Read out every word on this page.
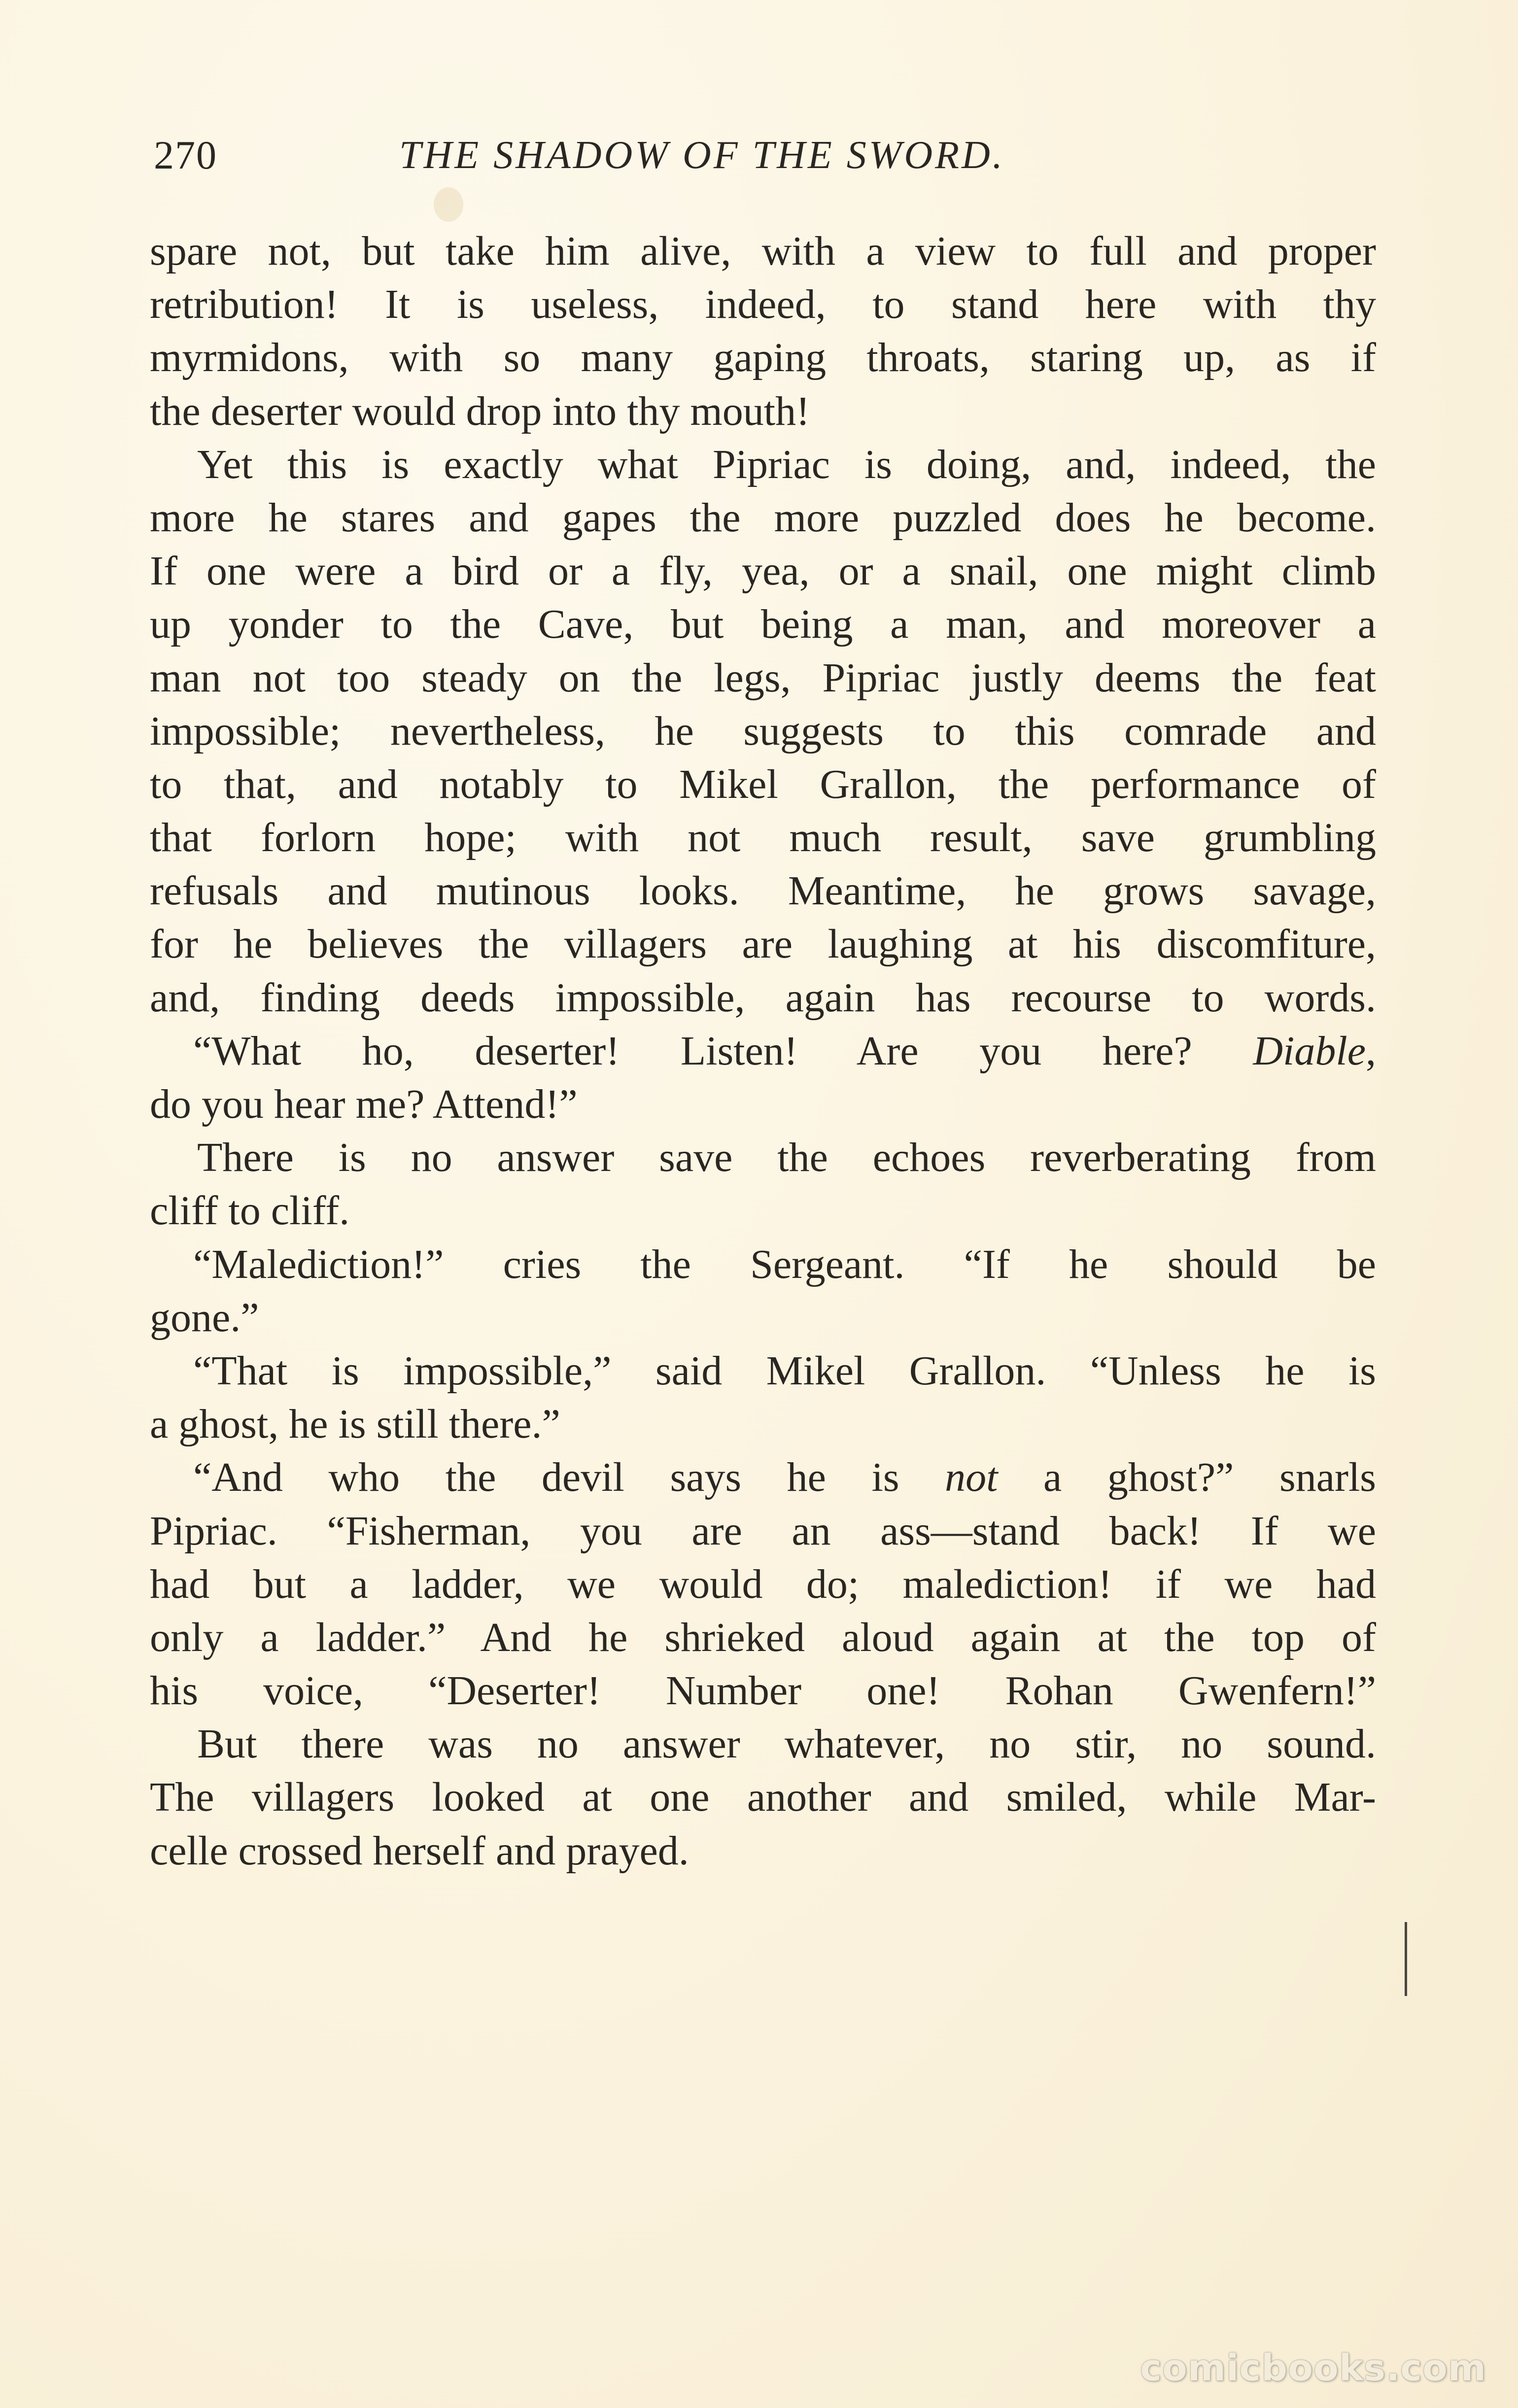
270	THE SHADOW OF THE SWORD.
spare not, but take him alive, with a view to full and proper
retribution! It is useless, indeed, to stand here with thy
myrmidons, with so many gaping throats, staring up, as if
the deserter would drop into thy mouth!
Yet this is exactly what Pipriac is doing, and, indeed, the
more he stares and gapes the more puzzled does he become.
If one were a bird or a fly, yea, or a snail, one might climb
up yonder to the Cave, but being a man, and moreover a
man not too steady on the legs, Pipriac justly deems the feat
impossible; nevertheless, he suggests to this comrade and
to that, and notably to Mikel Grallon, the performance of
that forlorn hope; with not much result, save grumbling
refusals and mutinous looks. Meantime, he grows savage,
for he believes the villagers are laughing at his discomfiture,
and, finding deeds impossible, again has recourse to words.
“What ho, deserter! Listen! Are you here? Diable,
do you hear me? Attend!”
There is no answer save the echoes reverberating from
cliff to cliff.
“Malediction!” cries the Sergeant. “If he should be
gone.”
“That is impossible,” said Mikel Grallon. “Unless he is
a ghost, he is still there.”
“And who the devil says he is not a ghost?” snarls
Pipriac. “Fisherman, you are an ass—stand back! If we
had but a ladder, we would do; malediction! if we had
only a ladder.” And he shrieked aloud again at the top of
his voice, “Deserter! Number one! Rohan Gwenfern!”
But there was no answer whatever, no stir, no sound.
The villagers looked at one another and smiled, while Mar-
celle crossed herself and prayed.
comicbooks.com
